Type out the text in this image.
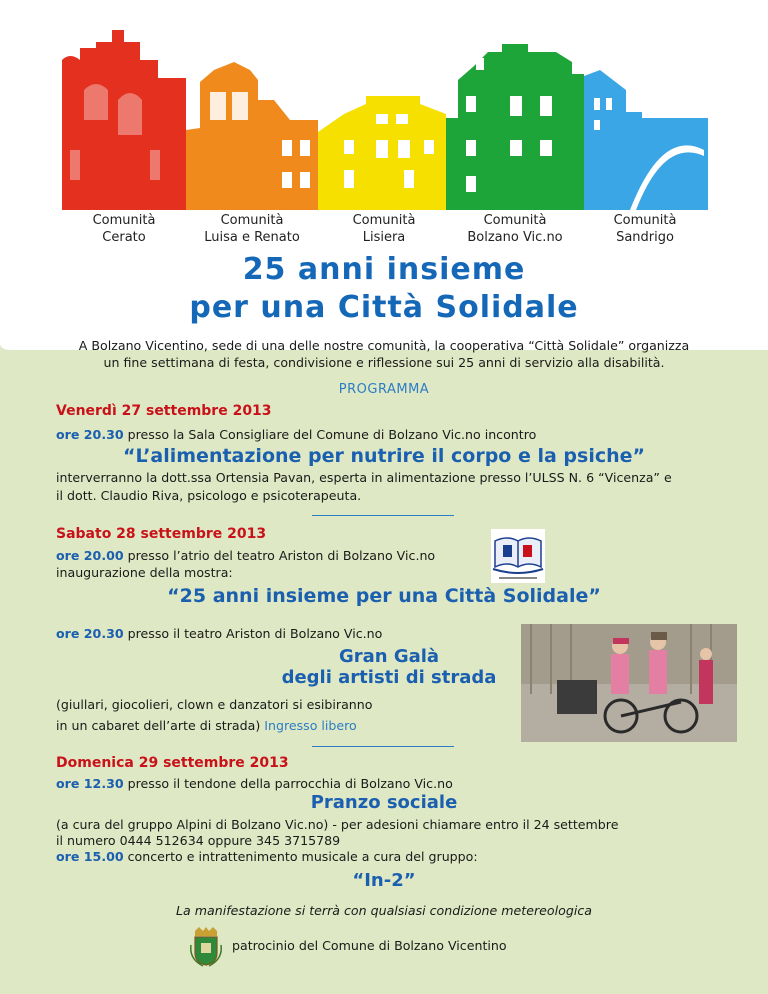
Comunità
Cerato
Comunità
Luisa e Renato
Comunità
Lisiera
Comunità
Bolzano Vic.no
Comunità
Sandrigo
25 anni insieme
per una Città Solidale
A Bolzano Vicentino, sede di una delle nostre comunità, la cooperativa “Città Solidale” organizza
un fine settimana di festa, condivisione e riflessione sui 25 anni di servizio alla disabilità.
PROGRAMMA
Venerdì 27 settembre 2013
ore 20.30 presso la Sala Consigliare del Comune di Bolzano Vic.no incontro
“L’alimentazione per nutrire il corpo e la psiche”
interverranno la dott.ssa Ortensia Pavan, esperta in alimentazione presso l’ULSS N. 6 “Vicenza” e
il dott. Claudio Riva, psicologo e psicoterapeuta.
Sabato 28 settembre 2013
ore 20.00 presso l’atrio del teatro Ariston di Bolzano Vic.no
inaugurazione della mostra:
“25 anni insieme per una Città Solidale”
ore 20.30 presso il teatro Ariston di Bolzano Vic.no
Gran Galà
degli artisti di strada
(giullari, giocolieri, clown e danzatori si esibiranno
in un cabaret dell’arte di strada) Ingresso libero
Domenica 29 settembre 2013
ore 12.30 presso il tendone della parrocchia di Bolzano Vic.no
Pranzo sociale
(a cura del gruppo Alpini di Bolzano Vic.no) - per adesioni chiamare entro il 24 settembre
il numero 0444 512634 oppure 345 3715789
ore 15.00 concerto e intrattenimento musicale a cura del gruppo:
“In-2”
La manifestazione si terrà con qualsiasi condizione metereologica
patrocinio del Comune di Bolzano Vicentino
